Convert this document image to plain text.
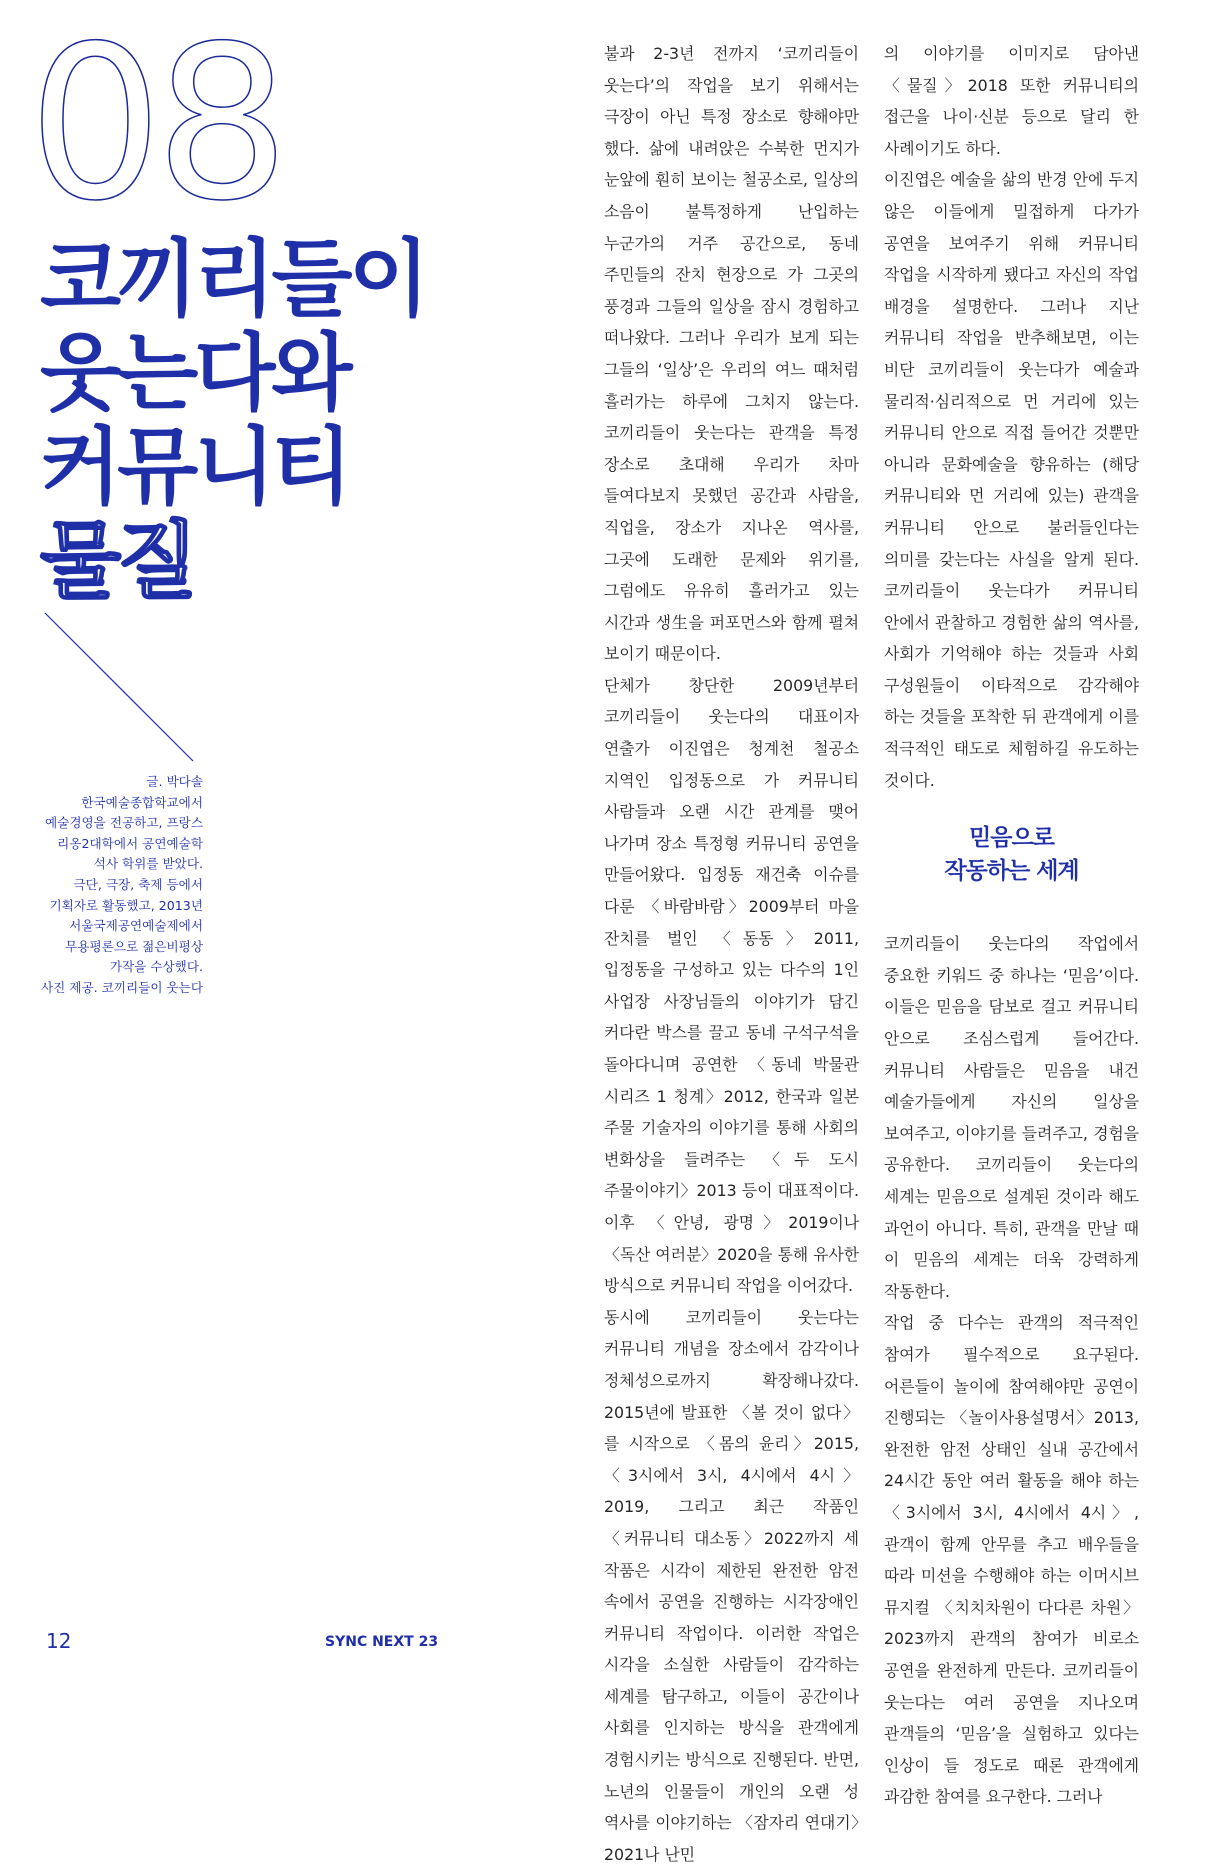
08
코끼리들이
웃는다와
커뮤니티
물질
글. 박다솔
한국예술종합학교에서
예술경영을 전공하고, 프랑스
리옹2대학에서 공연예술학
석사 학위를 받았다.
극단, 극장, 축제 등에서
기획자로 활동했고, 2013년
서울국제공연예술제에서
무용평론으로 젊은비평상
가작을 수상했다.
사진 제공. 코끼리들이 웃는다

불과 2-3년 전까지 ‘코끼리들이 웃는다’의 작업을 보기 위해서는 극장이 아닌 특정 장소로 향해야만 했다. 삶에 내려앉은 수북한 먼지가 눈앞에 훤히 보이는 철공소로, 일상의 소음이 불특정하게 난입하는 누군가의 거주 공간으로, 동네 주민들의 잔치 현장으로 가 그곳의 풍경과 그들의 일상을 잠시 경험하고 떠나왔다. 그러나 우리가 보게 되는 그들의 ‘일상’은 우리의 여느 때처럼 흘러가는 하루에 그치지 않는다. 코끼리들이 웃는다는 관객을 특정 장소로 초대해 우리가 차마 들여다보지 못했던 공간과 사람을, 직업을, 장소가 지나온 역사를, 그곳에 도래한 문제와 위기를, 그럼에도 유유히 흘러가고 있는 시간과 생生을 퍼포먼스와 함께 펼쳐 보이기 때문이다.

단체가 창단한 2009년부터 코끼리들이 웃는다의 대표이자 연출가 이진엽은 청계천 철공소 지역인 입정동으로 가 커뮤니티 사람들과 오랜 시간 관계를 맺어 나가며 장소 특정형 커뮤니티 공연을 만들어왔다. 입정동 재건축 이슈를 다룬 〈바람바람〉2009부터 마을 잔치를 벌인 〈동동〉2011, 입정동을 구성하고 있는 다수의 1인 사업장 사장님들의 이야기가 담긴 커다란 박스를 끌고 동네 구석구석을 돌아다니며 공연한 〈동네 박물관 시리즈 1 청계〉2012, 한국과 일본 주물 기술자의 이야기를 통해 사회의 변화상을 들려주는 〈두 도시 주물이야기〉2013 등이 대표적이다. 이후 〈안녕, 광명〉2019이나 〈독산 여러분〉2020을 통해 유사한 방식으로 커뮤니티 작업을 이어갔다.

동시에 코끼리들이 웃는다는 커뮤니티 개념을 장소에서 감각이나 정체성으로까지 확장해나갔다. 2015년에 발표한 〈볼 것이 없다〉를 시작으로 〈몸의 윤리〉2015, 〈3시에서 3시, 4시에서 4시〉2019, 그리고 최근 작품인 〈커뮤니티 대소동〉2022까지 세 작품은 시각이 제한된 완전한 암전 속에서 공연을 진행하는 시각장애인 커뮤니티 작업이다. 이러한 작업은 시각을 소실한 사람들이 감각하는 세계를 탐구하고, 이들이 공간이나 사회를 인지하는 방식을 관객에게 경험시키는 방식으로 진행된다. 반면, 노년의 인물들이 개인의 오랜 성 역사를 이야기하는 〈잠자리 연대기〉2021나 난민

의 이야기를 이미지로 담아낸 〈물질〉2018 또한 커뮤니티의 접근을 나이·신분 등으로 달리 한 사례이기도 하다.

이진엽은 예술을 삶의 반경 안에 두지 않은 이들에게 밀접하게 다가가 공연을 보여주기 위해 커뮤니티 작업을 시작하게 됐다고 자신의 작업 배경을 설명한다. 그러나 지난 커뮤니티 작업을 반추해보면, 이는 비단 코끼리들이 웃는다가 예술과 물리적·심리적으로 먼 거리에 있는 커뮤니티 안으로 직접 들어간 것뿐만 아니라 문화예술을 향유하는 (해당 커뮤니티와 먼 거리에 있는) 관객을 커뮤니티 안으로 불러들인다는 의미를 갖는다는 사실을 알게 된다. 코끼리들이 웃는다가 커뮤니티 안에서 관찰하고 경험한 삶의 역사를, 사회가 기억해야 하는 것들과 사회 구성원들이 이타적으로 감각해야 하는 것들을 포착한 뒤 관객에게 이를 적극적인 태도로 체험하길 유도하는 것이다.

믿음으로
작동하는 세계

코끼리들이 웃는다의 작업에서 중요한 키워드 중 하나는 ‘믿음’이다. 이들은 믿음을 담보로 걸고 커뮤니티 안으로 조심스럽게 들어간다. 커뮤니티 사람들은 믿음을 내건 예술가들에게 자신의 일상을 보여주고, 이야기를 들려주고, 경험을 공유한다. 코끼리들이 웃는다의 세계는 믿음으로 설계된 것이라 해도 과언이 아니다. 특히, 관객을 만날 때 이 믿음의 세계는 더욱 강력하게 작동한다.

작업 중 다수는 관객의 적극적인 참여가 필수적으로 요구된다. 어른들이 놀이에 참여해야만 공연이 진행되는 〈놀이사용설명서〉2013, 완전한 암전 상태인 실내 공간에서 24시간 동안 여러 활동을 해야 하는 〈3시에서 3시, 4시에서 4시〉, 관객이 함께 안무를 추고 배우들을 따라 미션을 수행해야 하는 이머시브 뮤지컬 〈치치차원이 다다른 차원〉2023까지 관객의 참여가 비로소 공연을 완전하게 만든다. 코끼리들이 웃는다는 여러 공연을 지나오며 관객들의 ‘믿음’을 실험하고 있다는 인상이 들 정도로 때론 관객에게 과감한 참여를 요구한다. 그러나

12	SYNC NEXT 23
